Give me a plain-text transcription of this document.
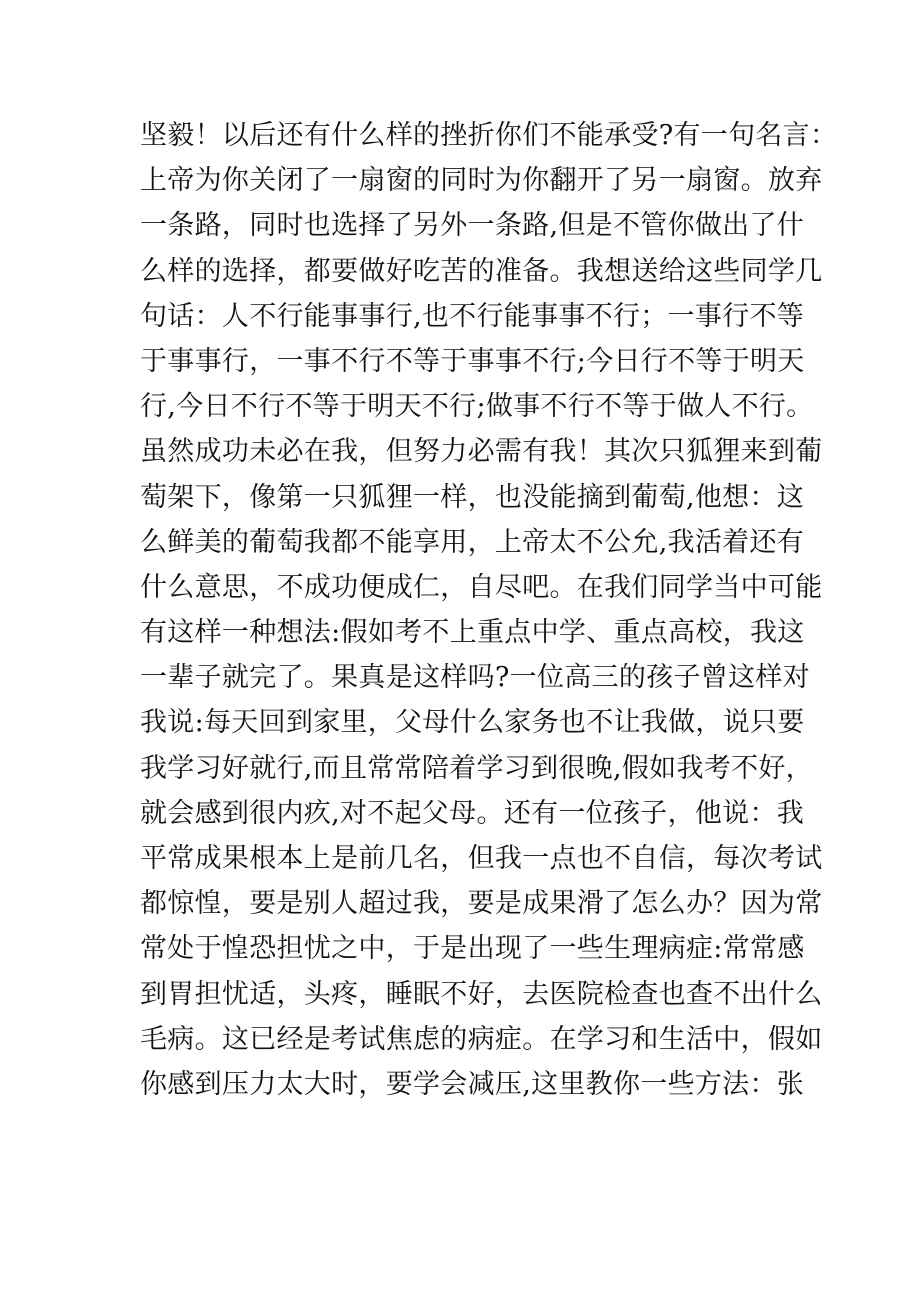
坚毅！以后还有什么样的挫折你们不能承受?有一句名言：
上帝为你关闭了一扇窗的同时为你翻开了另一扇窗。放弃
一条路，同时也选择了另外一条路,但是不管你做出了什
么样的选择，都要做好吃苦的准备。我想送给这些同学几
句话：人不行能事事行,也不行能事事不行；一事行不等
于事事行，一事不行不等于事事不行;今日行不等于明天
行,今日不行不等于明天不行;做事不行不等于做人不行。
虽然成功未必在我，但努力必需有我！其次只狐狸来到葡
萄架下，像第一只狐狸一样，也没能摘到葡萄,他想：这
么鲜美的葡萄我都不能享用，上帝太不公允,我活着还有
什么意思，不成功便成仁，自尽吧。在我们同学当中可能
有这样一种想法:假如考不上重点中学、重点高校，我这
一辈子就完了。果真是这样吗?一位高三的孩子曾这样对
我说:每天回到家里，父母什么家务也不让我做，说只要
我学习好就行,而且常常陪着学习到很晚,假如我考不好，
就会感到很内疚,对不起父母。还有一位孩子，他说：我
平常成果根本上是前几名，但我一点也不自信，每次考试
都惊惶，要是别人超过我，要是成果滑了怎么办？因为常
常处于惶恐担忧之中，于是出现了一些生理病症:常常感
到胃担忧适，头疼，睡眠不好，去医院检查也查不出什么
毛病。这已经是考试焦虑的病症。在学习和生活中，假如
你感到压力太大时，要学会减压,这里教你一些方法：张
